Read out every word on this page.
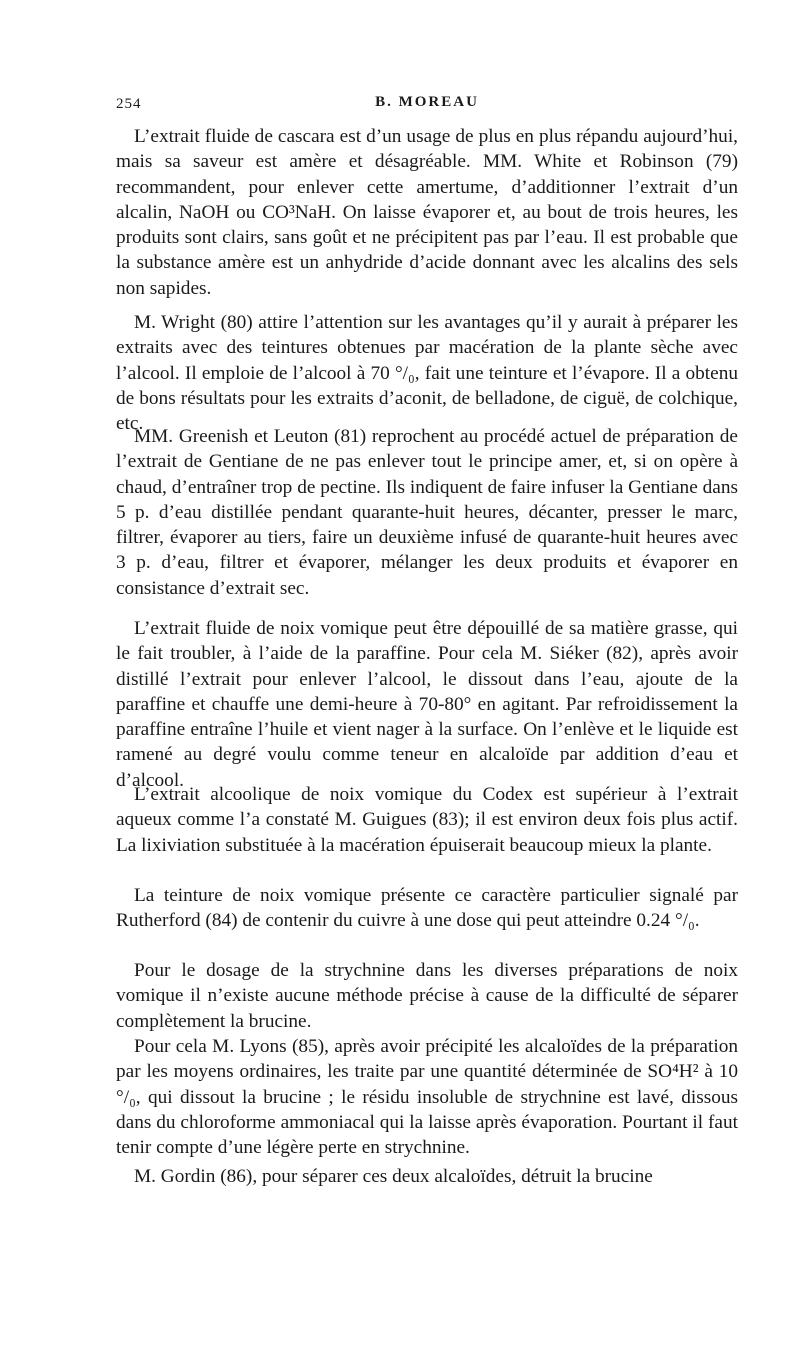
254	B. MOREAU

L’extrait fluide de cascara est d’un usage de plus en plus répandu aujourd’hui, mais sa saveur est amère et désagréable. MM. White et Robinson (79) recommandent, pour enlever cette amertume, d’additionner l’extrait d’un alcalin, NaOH ou CO³NaH. On laisse évaporer et, au bout de trois heures, les produits sont clairs, sans goût et ne précipitent pas par l’eau. Il est probable que la substance amère est un anhydride d’acide donnant avec les alcalins des sels non sapides.

M. Wright (80) attire l’attention sur les avantages qu’il y aurait à préparer les extraits avec des teintures obtenues par macération de la plante sèche avec l’alcool. Il emploie de l’alcool à 70 °/₀, fait une teinture et l’évapore. Il a obtenu de bons résultats pour les extraits d’aconit, de belladone, de ciguë, de colchique, etc.

MM. Greenish et Leuton (81) reprochent au procédé actuel de préparation de l’extrait de Gentiane de ne pas enlever tout le principe amer, et, si on opère à chaud, d’entraîner trop de pectine. Ils indiquent de faire infuser la Gentiane dans 5 p. d’eau distillée pendant quarante-huit heures, décanter, presser le marc, filtrer, évaporer au tiers, faire un deuxième infusé de quarante-huit heures avec 3 p. d’eau, filtrer et évaporer, mélanger les deux produits et évaporer en consistance d’extrait sec.

L’extrait fluide de noix vomique peut être dépouillé de sa matière grasse, qui le fait troubler, à l’aide de la paraffine. Pour cela M. Siéker (82), après avoir distillé l’extrait pour enlever l’alcool, le dissout dans l’eau, ajoute de la paraffine et chauffe une demi-heure à 70-80° en agitant. Par refroidissement la paraffine entraîne l’huile et vient nager à la surface. On l’enlève et le liquide est ramené au degré voulu comme teneur en alcaloïde par addition d’eau et d’alcool.

L’extrait alcoolique de noix vomique du Codex est supérieur à l’extrait aqueux comme l’a constaté M. Guigues (83); il est environ deux fois plus actif. La lixiviation substituée à la macération épuiserait beaucoup mieux la plante.

La teinture de noix vomique présente ce caractère particulier signalé par Rutherford (84) de contenir du cuivre à une dose qui peut atteindre 0.24 °/₀.

Pour le dosage de la strychnine dans les diverses préparations de noix vomique il n’existe aucune méthode précise à cause de la difficulté de séparer complètement la brucine.

Pour cela M. Lyons (85), après avoir précipité les alcaloïdes de la préparation par les moyens ordinaires, les traite par une quantité déterminée de SO⁴H² à 10 °/₀, qui dissout la brucine ; le résidu insoluble de strychnine est lavé, dissous dans du chloroforme ammoniacal qui la laisse après évaporation. Pourtant il faut tenir compte d’une légère perte en strychnine.

M. Gordin (86), pour séparer ces deux alcaloïdes, détruit la brucine
